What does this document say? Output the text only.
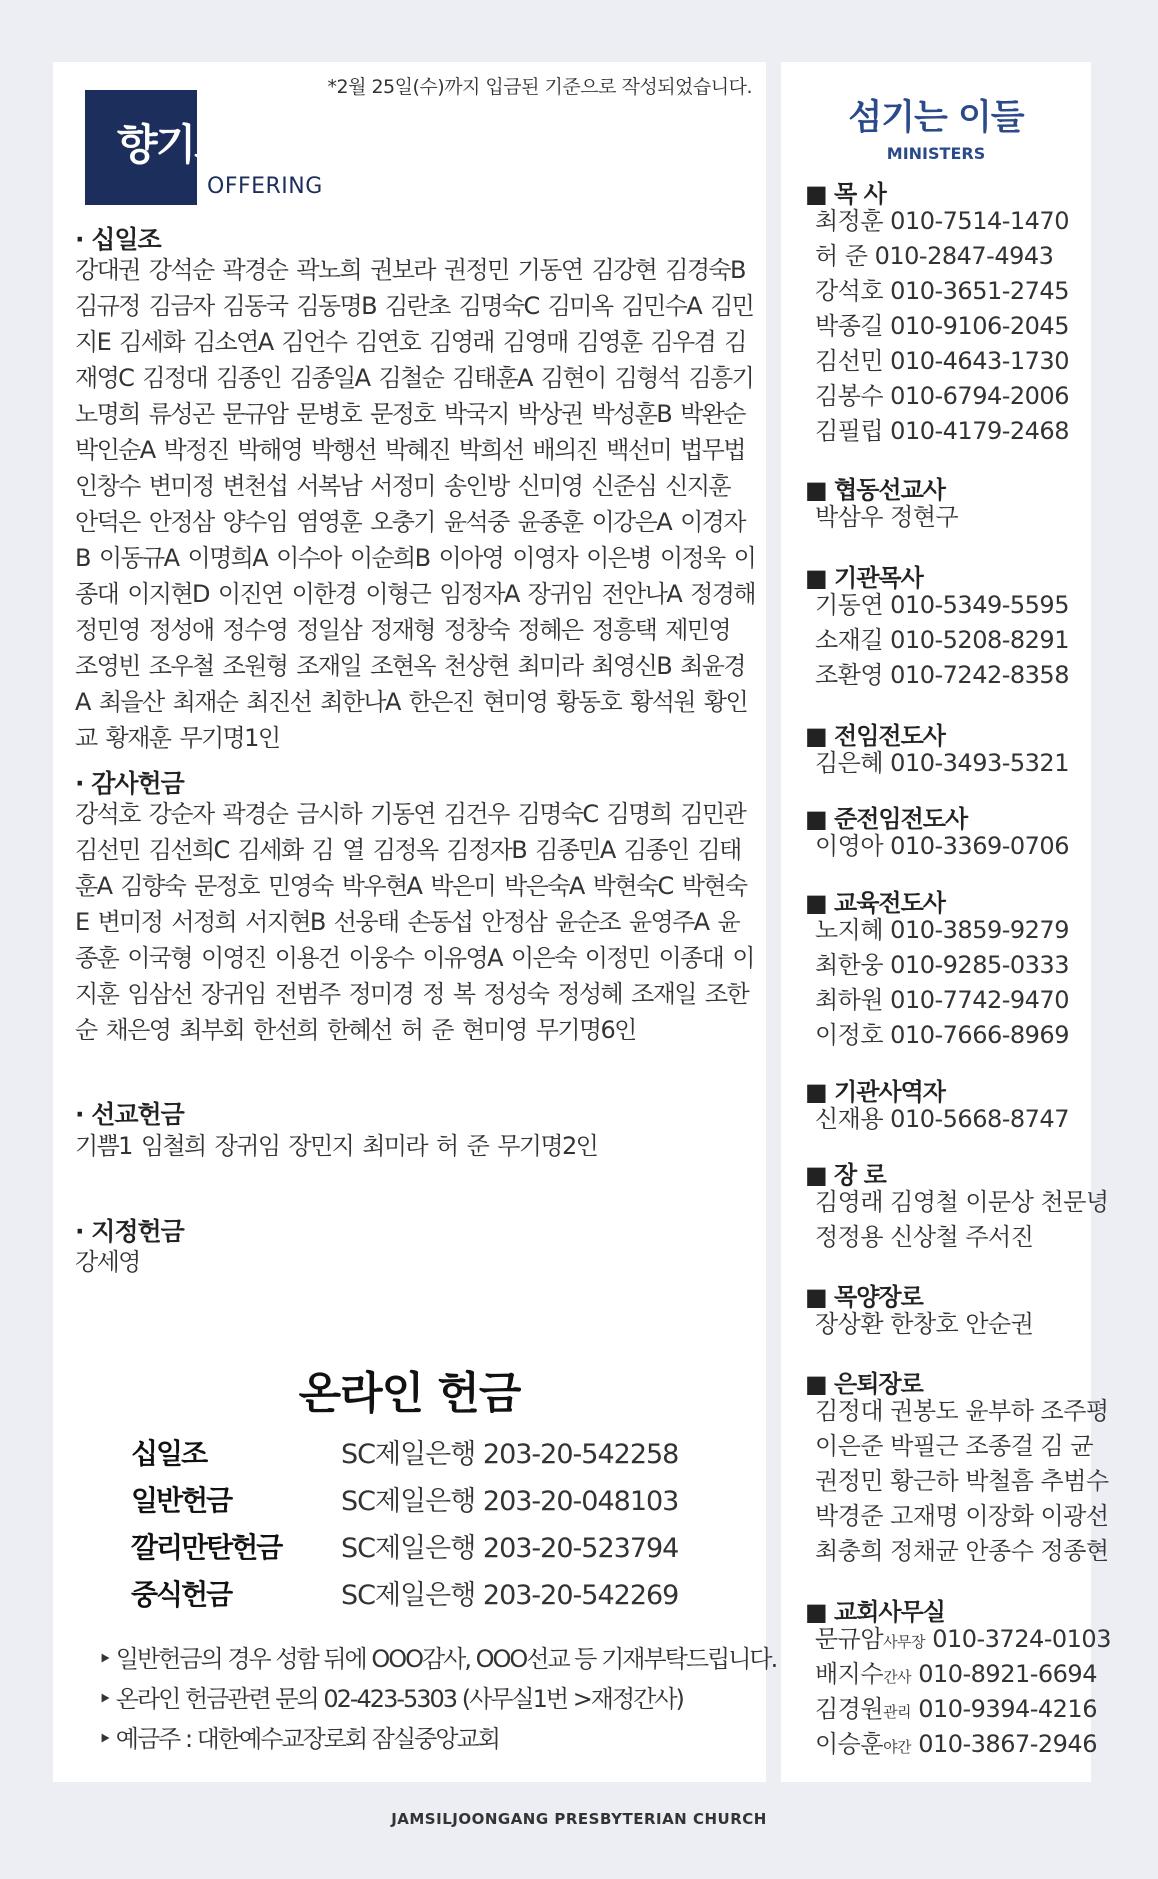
*2월 25일(수)까지 입금된 기준으로 작성되었습니다.
향기로운 예물
OFFERING
· 십일조
강대권 강석순 곽경순 곽노희 권보라 권정민 기동연 김강현 김경숙B 김규정 김금자 김동국 김동명B 김란초 김명숙C 김미옥 김민수A 김민지E 김세화 김소연A 김언수 김연호 김영래 김영매 김영훈 김우겸 김재영C 김정대 김종인 김종일A 김철순 김태훈A 김현이 김형석 김흥기 노명희 류성곤 문규암 문병호 문정호 박국지 박상권 박성훈B 박완순 박인순A 박정진 박해영 박행선 박혜진 박희선 배의진 백선미 법무법인창수 변미정 변천섭 서복남 서정미 송인방 신미영 신준심 신지훈 안덕은 안정삼 양수임 염영훈 오충기 윤석중 윤종훈 이강은A 이경자B 이동규A 이명희A 이수아 이순희B 이아영 이영자 이은병 이정욱 이종대 이지현D 이진연 이한경 이형근 임정자A 장귀임 전안나A 정경해 정민영 정성애 정수영 정일삼 정재형 정창숙 정혜은 정흥택 제민영 조영빈 조우철 조원형 조재일 조현옥 천상현 최미라 최영신B 최윤경A 최을산 최재순 최진선 최한나A 한은진 현미영 황동호 황석원 황인교 황재훈 무기명1인
· 감사헌금
강석호 강순자 곽경순 금시하 기동연 김건우 김명숙C 김명희 김민관 김선민 김선희C 김세화 김 열 김정옥 김정자B 김종민A 김종인 김태훈A 김향숙 문정호 민영숙 박우현A 박은미 박은숙A 박현숙C 박현숙E 변미정 서정희 서지현B 선웅태 손동섭 안정삼 윤순조 윤영주A 윤종훈 이국형 이영진 이용건 이웅수 이유영A 이은숙 이정민 이종대 이지훈 임삼선 장귀임 전범주 정미경 정 복 정성숙 정성혜 조재일 조한순 채은영 최부회 한선희 한혜선 허 준 현미영 무기명6인
· 선교헌금
기쁨1 임철희 장귀임 장민지 최미라 허 준 무기명2인
· 지정헌금
강세영
온라인 헌금
십일조	SC제일은행 203-20-542258
일반헌금	SC제일은행 203-20-048103
깔리만탄헌금 SC제일은행 203-20-523794
중식헌금	SC제일은행 203-20-542269
‣ 일반헌금의 경우 성함 뒤에 OOO감사, OOO선교 등 기재부탁드립니다.
‣ 온라인 헌금관련 문의 02-423-5303 (사무실1번 >재정간사)
‣ 예금주 : 대한예수교장로회 잠실중앙교회
섬기는 이들
MINISTERS
■ 목 사
최정훈 010-7514-1470
허 준 010-2847-4943
강석호 010-3651-2745
박종길 010-9106-2045
김선민 010-4643-1730
김봉수 010-6794-2006
김필립 010-4179-2468
■ 협동선교사
박삼우 정현구
■ 기관목사
기동연 010-5349-5595
소재길 010-5208-8291
조환영 010-7242-8358
■ 전임전도사
김은혜 010-3493-5321
■ 준전임전도사
이영아 010-3369-0706
■ 교육전도사
노지혜 010-3859-9279
최한웅 010-9285-0333
최하원 010-7742-9470
이정호 010-7666-8969
■ 기관사역자
신재용 010-5668-8747
■ 장 로
김영래 김영철 이문상 천문녕
정정용 신상철 주서진
■ 목양장로
장상환 한창호 안순권
■ 은퇴장로
김정대 권봉도 윤부하 조주평
이은준 박필근 조종걸 김 균
권정민 황근하 박철흠 추범수
박경준 고재명 이장화 이광선
최충희 정채균 안종수 정종현
■ 교회사무실
문규암사무장 010-3724-0103
배지수간사 010-8921-6694
김경원관리 010-9394-4216
이승훈야간 010-3867-2946
JAMSILJOONGANG PRESBYTERIAN CHURCH
